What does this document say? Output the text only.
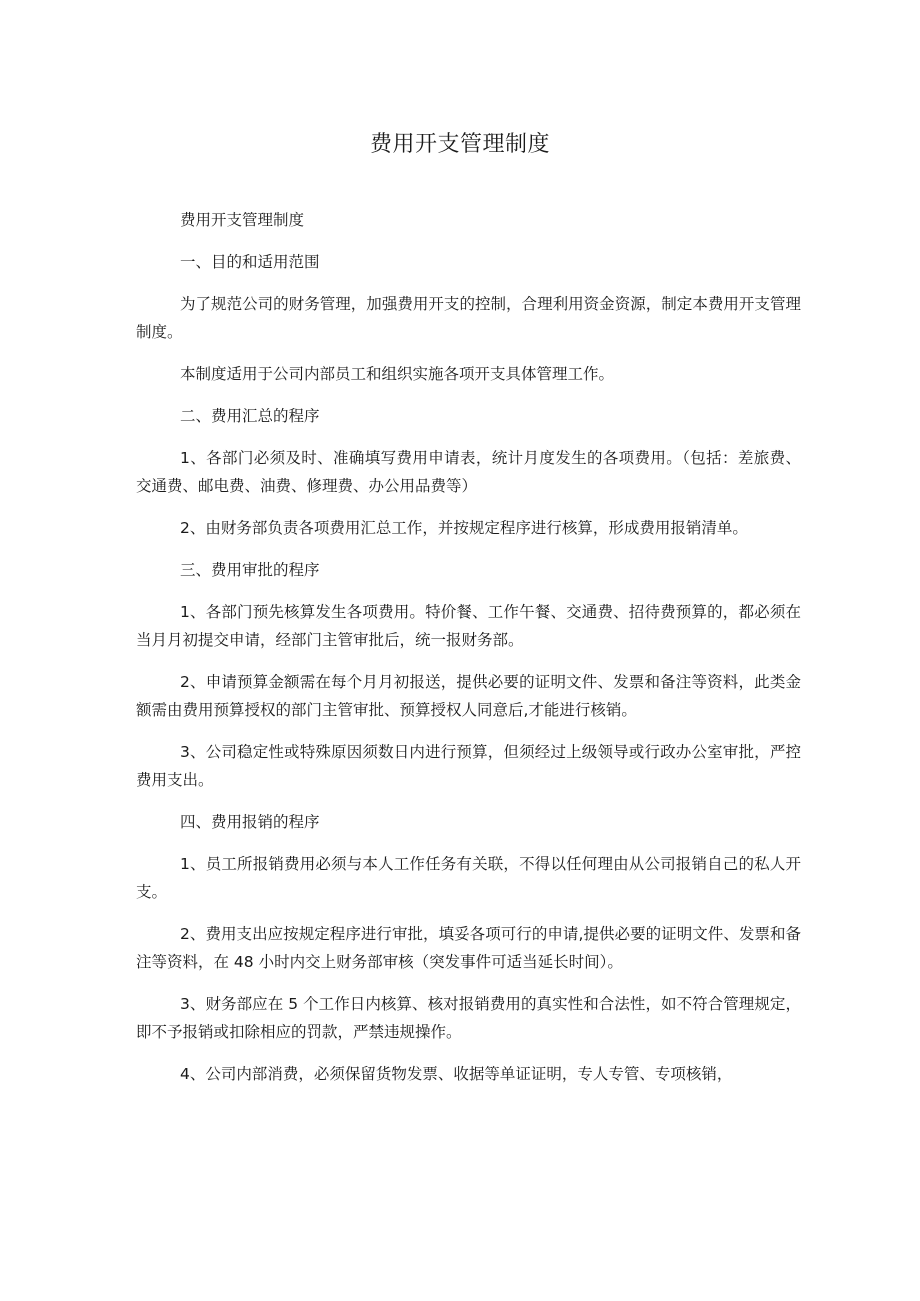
费用开支管理制度

费用开支管理制度

一、目的和适用范围

为了规范公司的财务管理，加强费用开支的控制，合理利用资金资源，制定本费用开支管理制度。

本制度适用于公司内部员工和组织实施各项开支具体管理工作。

二、费用汇总的程序

1、各部门必须及时、准确填写费用申请表，统计月度发生的各项费用。（包括：差旅费、交通费、邮电费、油费、修理费、办公用品费等）

2、由财务部负责各项费用汇总工作，并按规定程序进行核算，形成费用报销清单。

三、费用审批的程序

1、各部门预先核算发生各项费用。特价餐、工作午餐、交通费、招待费预算的，都必须在当月月初提交申请，经部门主管审批后，统一报财务部。

2、申请预算金额需在每个月月初报送，提供必要的证明文件、发票和备注等资料，此类金额需由费用预算授权的部门主管审批、预算授权人同意后,才能进行核销。

3、公司稳定性或特殊原因须数日内进行预算，但须经过上级领导或行政办公室审批，严控费用支出。

四、费用报销的程序

1、员工所报销费用必须与本人工作任务有关联，不得以任何理由从公司报销自己的私人开支。

2、费用支出应按规定程序进行审批，填妥各项可行的申请,提供必要的证明文件、发票和备注等资料，在 48 小时内交上财务部审核（突发事件可适当延长时间）。

3、财务部应在 5 个工作日内核算、核对报销费用的真实性和合法性，如不符合管理规定，即不予报销或扣除相应的罚款，严禁违规操作。

4、公司内部消费，必须保留货物发票、收据等单证证明，专人专管、专项核销，
